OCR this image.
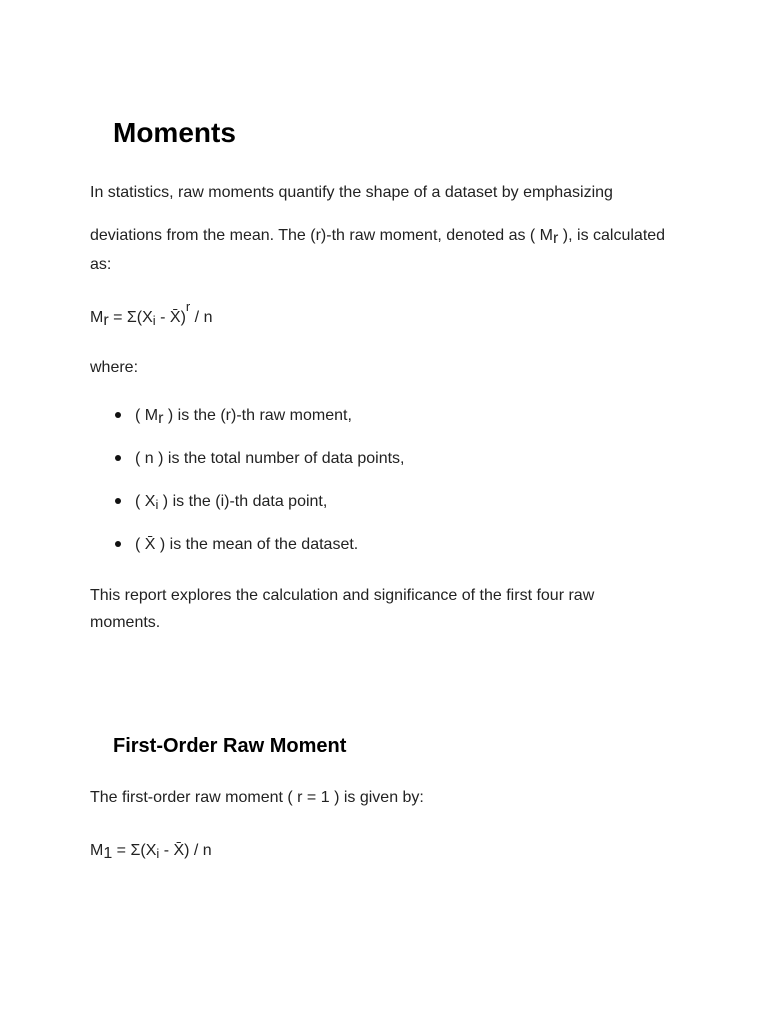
Moments

In statistics, raw moments quantify the shape of a dataset by emphasizing

deviations from the mean. The (r)-th raw moment, denoted as ( Mr ), is calculated

as:

Mr = Σ(Xi - X̄)$^r$ / n

where:

( Mr ) is the (r)-th raw moment,
( n ) is the total number of data points,
( Xi ) is the (i)-th data point,
( X̄ ) is the mean of the dataset.

This report explores the calculation and significance of the first four raw moments.

First-Order Raw Moment

The first-order raw moment ( r = 1 ) is given by:

M1 = Σ(Xi - X̄) / n
